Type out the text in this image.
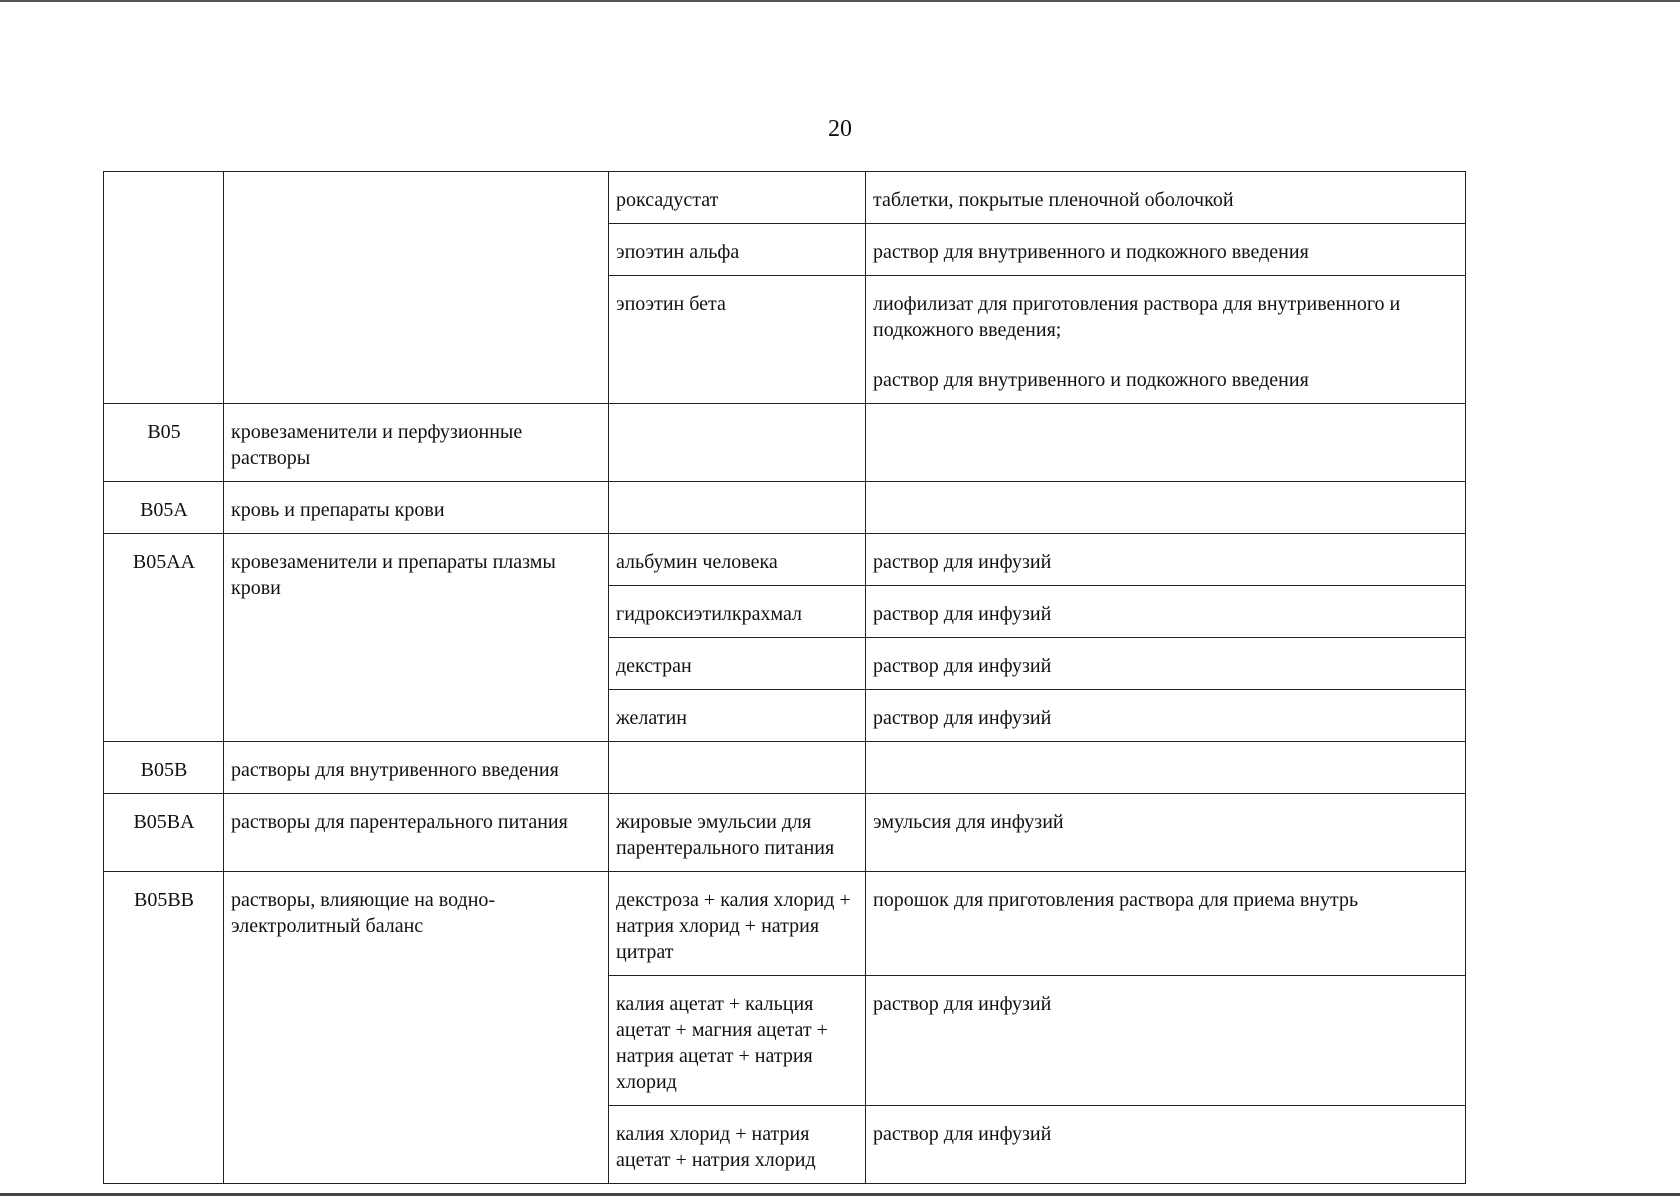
20
		роксадустат	таблетки, покрытые пленочной оболочкой
		эпоэтин альфа	раствор для внутривенного и подкожного введения
		эпоэтин бета	лиофилизат для приготовления раствора для внутривенного и подкожного введения;
раствор для внутривенного и подкожного введения
B05	кровезаменители и перфузионные растворы		
B05A	кровь и препараты крови		
B05AA	кровезаменители и препараты плазмы крови	альбумин человека	раствор для инфузий
		гидроксиэтилкрахмал	раствор для инфузий
		декстран	раствор для инфузий
		желатин	раствор для инфузий
B05B	растворы для внутривенного введения		
B05BA	растворы для парентерального питания	жировые эмульсии для парентерального питания	эмульсия для инфузий
B05BB	растворы, влияющие на водно-электролитный баланс	декстроза + калия хлорид + натрия хлорид + натрия цитрат	порошок для приготовления раствора для приема внутрь
		калия ацетат + кальция ацетат + магния ацетат + натрия ацетат + натрия хлорид	раствор для инфузий
		калия хлорид + натрия ацетат + натрия хлорид	раствор для инфузий
